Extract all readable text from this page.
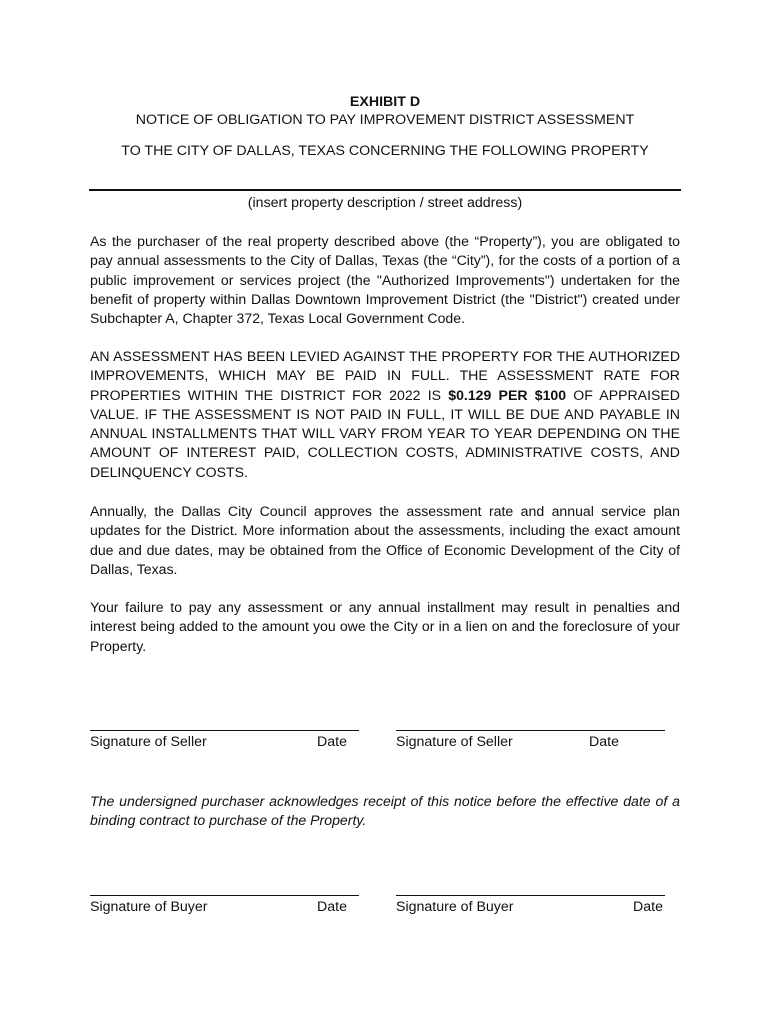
EXHIBIT D
NOTICE OF OBLIGATION TO PAY IMPROVEMENT DISTRICT ASSESSMENT
TO THE CITY OF DALLAS, TEXAS CONCERNING THE FOLLOWING PROPERTY
(insert property description / street address)

As the purchaser of the real property described above (the “Property”), you are obligated to pay annual assessments to the City of Dallas, Texas (the “City”), for the costs of a portion of a public improvement or services project (the "Authorized Improvements") undertaken for the benefit of property within Dallas Downtown Improvement District (the "District") created under Subchapter A, Chapter 372, Texas Local Government Code.

AN ASSESSMENT HAS BEEN LEVIED AGAINST THE PROPERTY FOR THE AUTHORIZED IMPROVEMENTS, WHICH MAY BE PAID IN FULL. THE ASSESSMENT RATE FOR PROPERTIES WITHIN THE DISTRICT FOR 2022 IS $0.129 PER $100 OF APPRAISED VALUE. IF THE ASSESSMENT IS NOT PAID IN FULL, IT WILL BE DUE AND PAYABLE IN ANNUAL INSTALLMENTS THAT WILL VARY FROM YEAR TO YEAR DEPENDING ON THE AMOUNT OF INTEREST PAID, COLLECTION COSTS, ADMINISTRATIVE COSTS, AND DELINQUENCY COSTS.

Annually, the Dallas City Council approves the assessment rate and annual service plan updates for the District. More information about the assessments, including the exact amount due and due dates, may be obtained from the Office of Economic Development of the City of Dallas, Texas.

Your failure to pay any assessment or any annual installment may result in penalties and interest being added to the amount you owe the City or in a lien on and the foreclosure of your Property.

Signature of Seller	Date	Signature of Seller	Date

The undersigned purchaser acknowledges receipt of this notice before the effective date of a binding contract to purchase of the Property.

Signature of Buyer	Date	Signature of Buyer	Date
